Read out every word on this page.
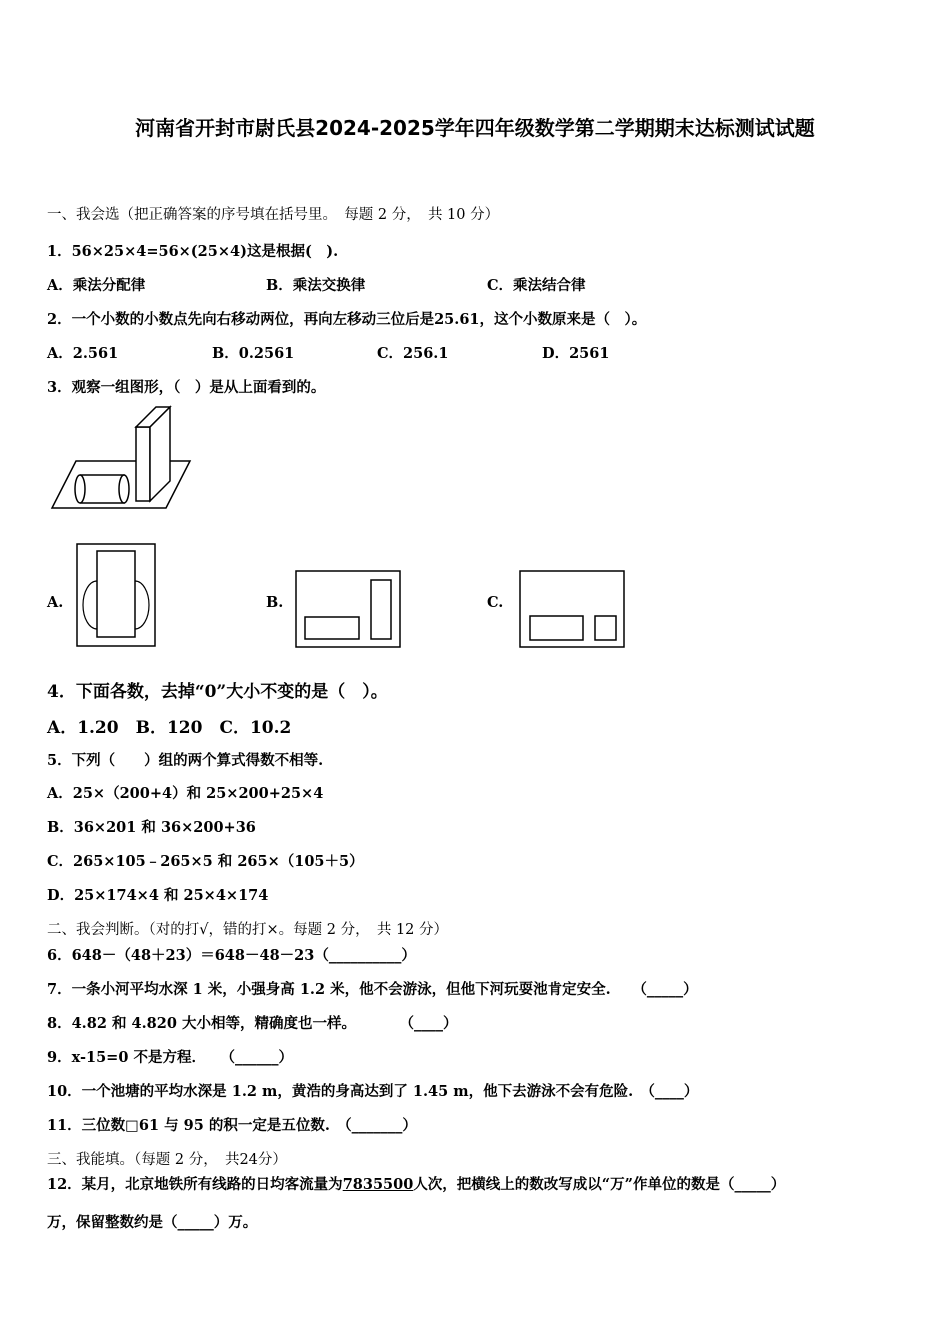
河南省开封市尉氏县2024-2025学年四年级数学第二学期期末达标测试试题
一、我会选（把正确答案的序号填在括号里。　每题 2 分，　共 10 分）
1．56×25×4=56×(25×4)这是根据(　).
A．乘法分配律	B．乘法交换律	C．乘法结合律
2．一个小数的小数点先向右移动两位，再向左移动三位后是25.61，这个小数原来是（　）。
A．2.561	B．0.2561	C．256.1	D．2561
3．观察一组图形，（　）是从上面看到的。
A.	B.	C.
4．下面各数，去掉“0”大小不变的是（　）。
A．1.20　B．120　C．10.2
5．下列（　　）组的两个算式得数不相等.
A．25×（200+4）和 25×200+25×4
B．36×201 和 36×200+36
C．265×105﹣265×5 和 265×（105＋5）
D．25×174×4 和 25×4×174
二、我会判断。（对的打√，错的打×。每题 2 分，　共 12 分）
6．648－（48＋23）＝648－48－23（__________）
7．一条小河平均水深 1 米，小强身高 1.2 米，他不会游泳，但他下河玩耍池肯定安全.　　（_____）
8．4.82 和 4.820 大小相等，精确度也一样。　　　　（____）
9．x-15=0 不是方程．　　（______）
10．一个池塘的平均水深是 1.2 m，黄浩的身高达到了 1.45 m，他下去游泳不会有危险.　（____）
11．三位数□61 与 95 的积一定是五位数.　（_______）
三、我能填。（每题 2 分，　共24分）
12．某月，北京地铁所有线路的日均客流量为7835500人次，把横线上的数改写成以“万”作单位的数是（_____）
万，保留整数约是（_____）万。
